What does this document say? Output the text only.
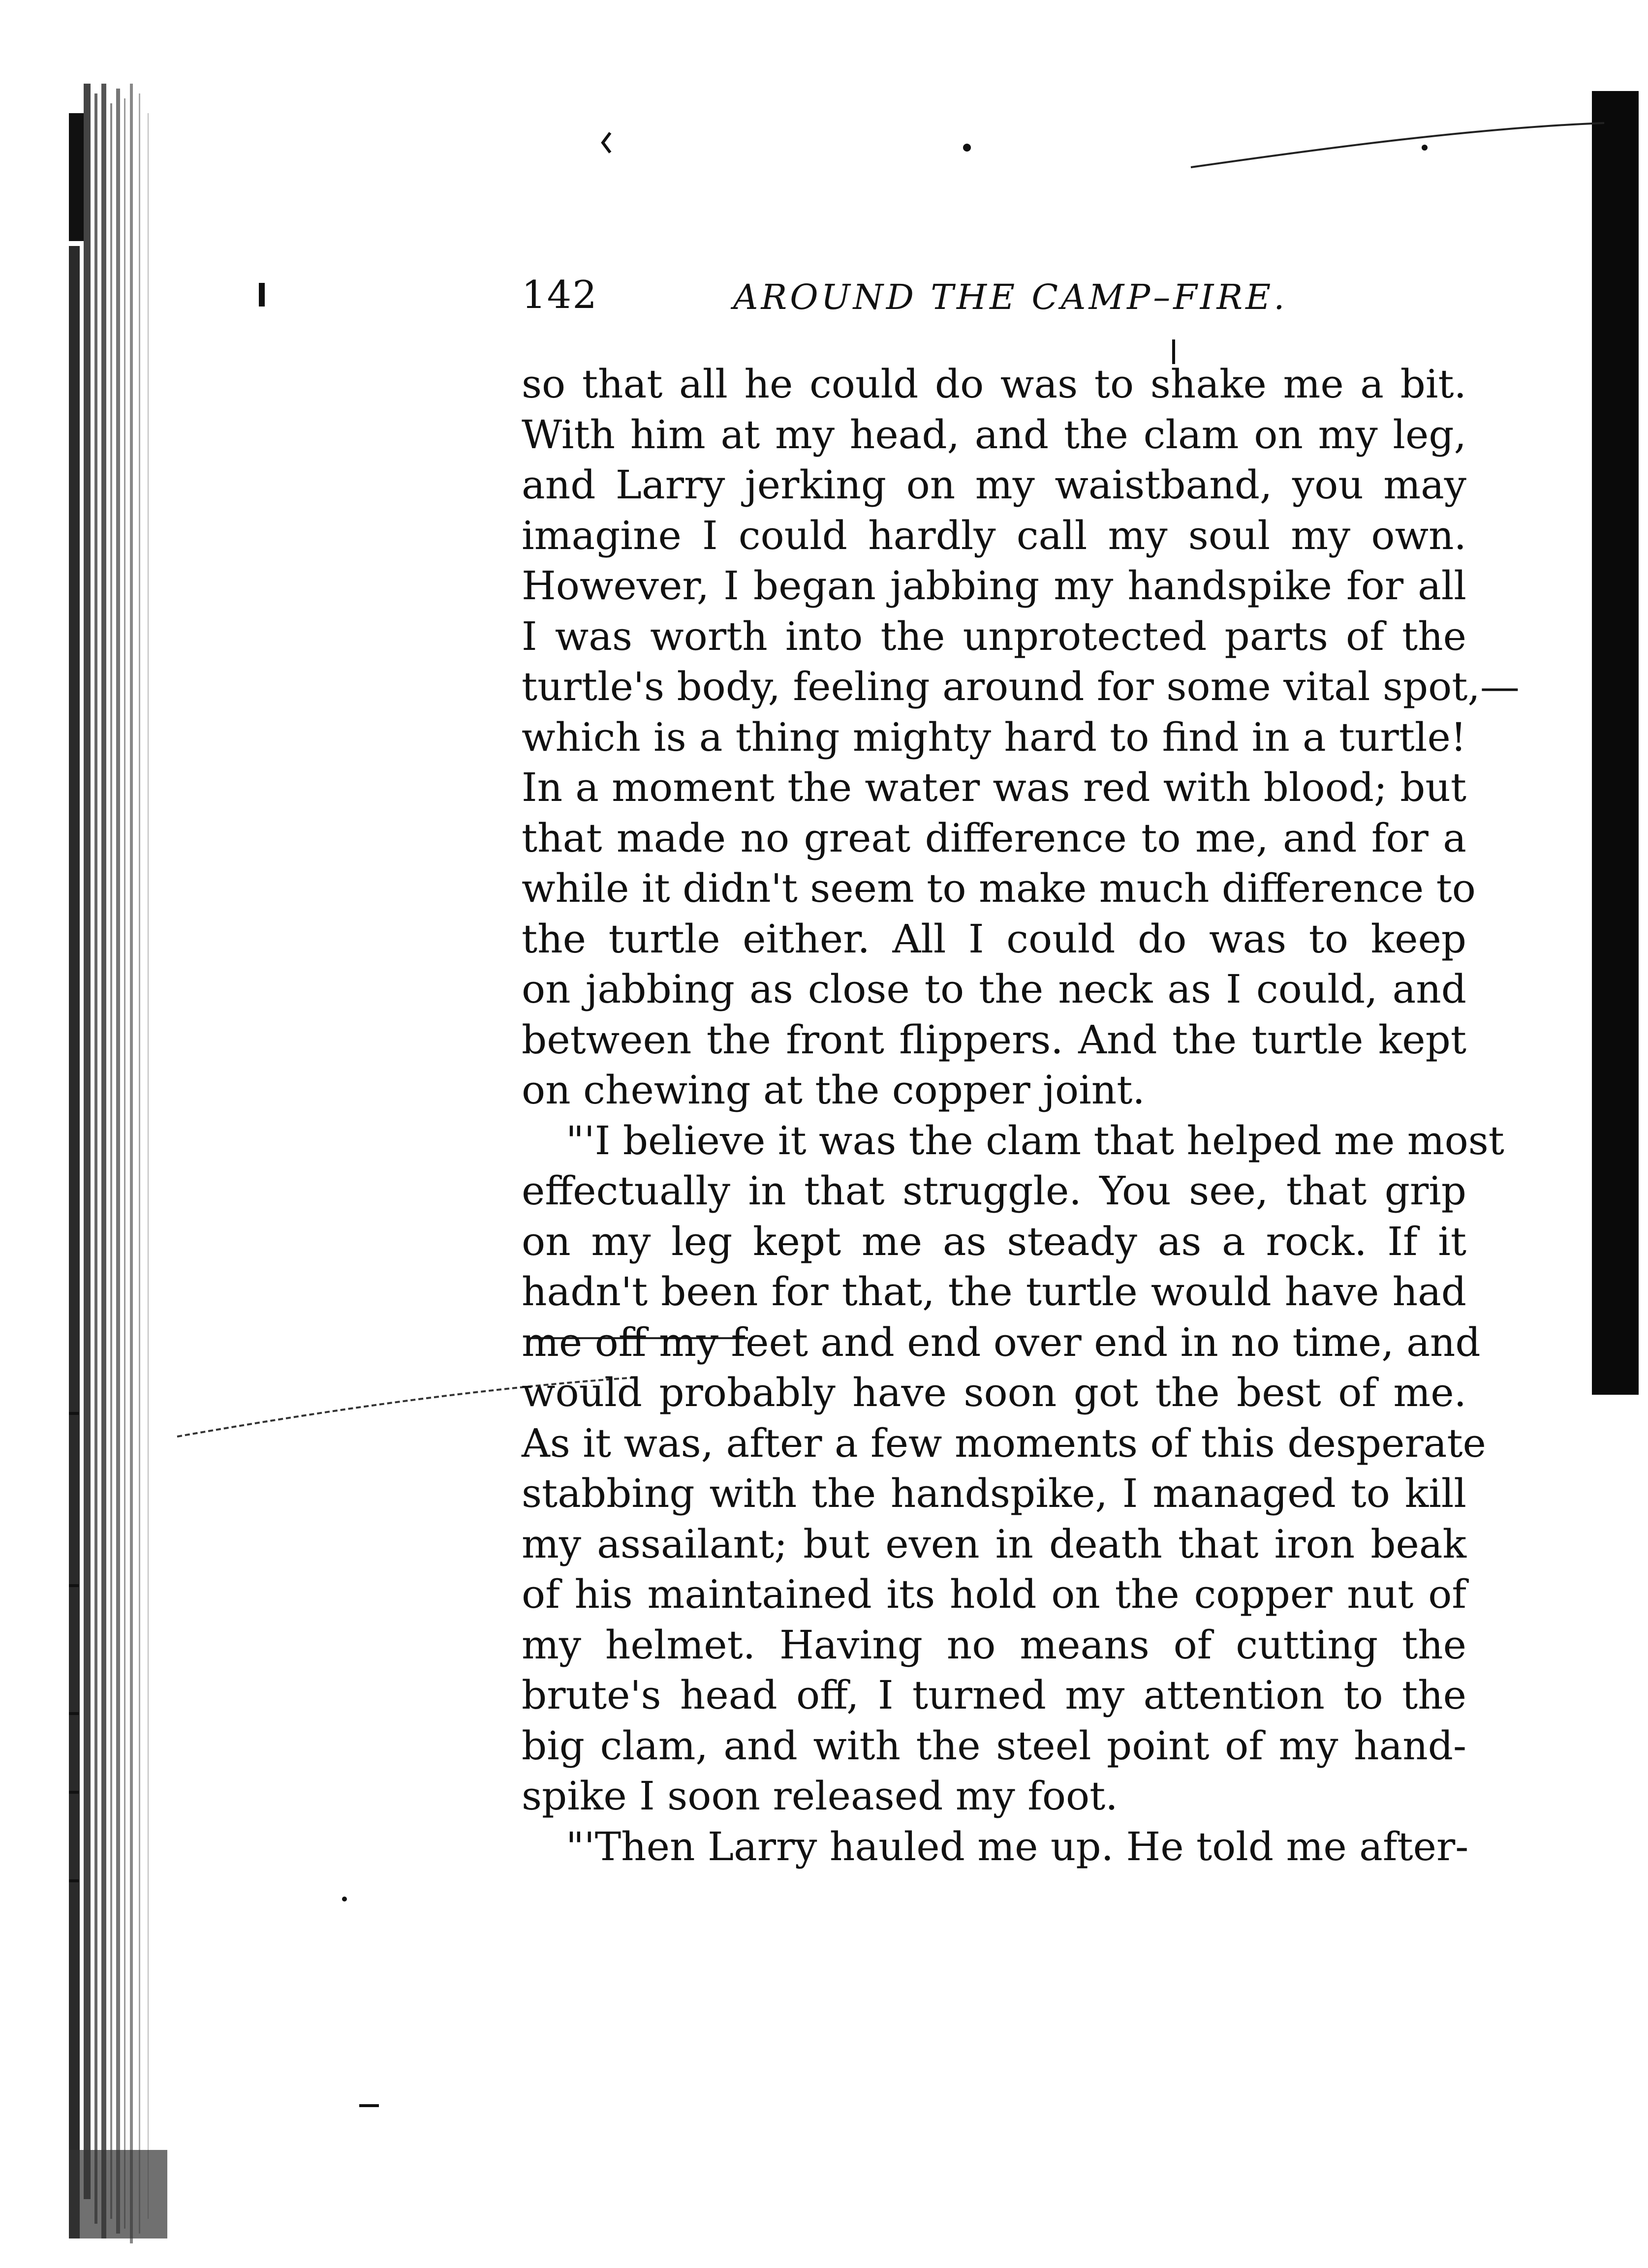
142	AROUND THE CAMP–FIRE.
so that all he could do was to shake me a bit.
With him at my head, and the clam on my leg,
and Larry jerking on my waistband, you may
imagine I could hardly call my soul my own.
However, I began jabbing my handspike for all
I was worth into the unprotected parts of the
turtle's body, feeling around for some vital spot,—
which is a thing mighty hard to find in a turtle!
In a moment the water was red with blood; but
that made no great difference to me, and for a
while it didn't seem to make much difference to
the turtle either. All I could do was to keep
on jabbing as close to the neck as I could, and
between the front flippers. And the turtle kept
on chewing at the copper joint.
"'I believe it was the clam that helped me most
effectually in that struggle. You see, that grip
on my leg kept me as steady as a rock. If it
hadn't been for that, the turtle would have had
me off my feet and end over end in no time, and
would probably have soon got the best of me.
As it was, after a few moments of this desperate
stabbing with the handspike, I managed to kill
my assailant; but even in death that iron beak
of his maintained its hold on the copper nut of
my helmet. Having no means of cutting the
brute's head off, I turned my attention to the
big clam, and with the steel point of my hand-
spike I soon released my foot.
"'Then Larry hauled me up. He told me after-
